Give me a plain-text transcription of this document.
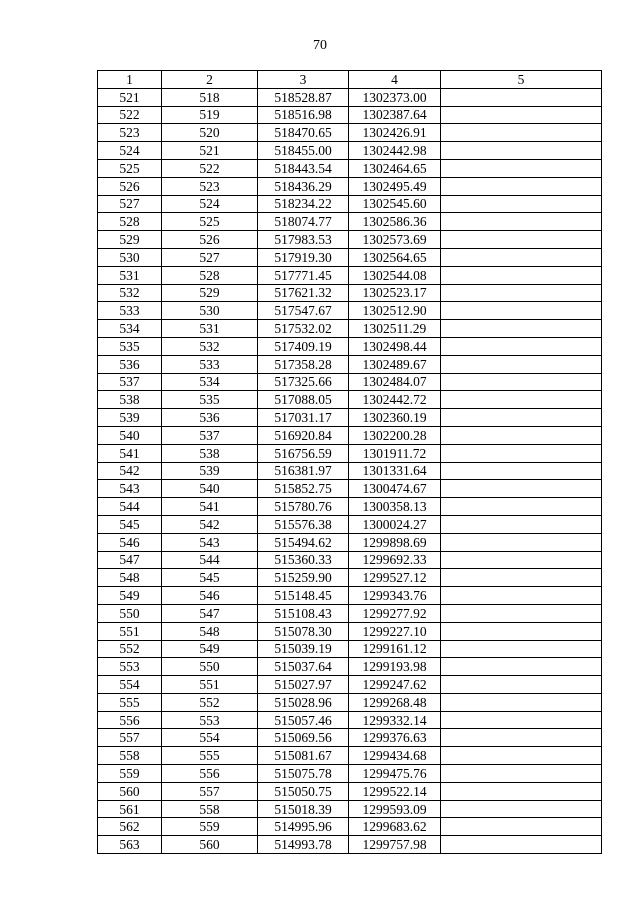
70
1	2	3	4	5
521	518	518528.87	1302373.00	
522	519	518516.98	1302387.64	
523	520	518470.65	1302426.91	
524	521	518455.00	1302442.98	
525	522	518443.54	1302464.65	
526	523	518436.29	1302495.49	
527	524	518234.22	1302545.60	
528	525	518074.77	1302586.36	
529	526	517983.53	1302573.69	
530	527	517919.30	1302564.65	
531	528	517771.45	1302544.08	
532	529	517621.32	1302523.17	
533	530	517547.67	1302512.90	
534	531	517532.02	1302511.29	
535	532	517409.19	1302498.44	
536	533	517358.28	1302489.67	
537	534	517325.66	1302484.07	
538	535	517088.05	1302442.72	
539	536	517031.17	1302360.19	
540	537	516920.84	1302200.28	
541	538	516756.59	1301911.72	
542	539	516381.97	1301331.64	
543	540	515852.75	1300474.67	
544	541	515780.76	1300358.13	
545	542	515576.38	1300024.27	
546	543	515494.62	1299898.69	
547	544	515360.33	1299692.33	
548	545	515259.90	1299527.12	
549	546	515148.45	1299343.76	
550	547	515108.43	1299277.92	
551	548	515078.30	1299227.10	
552	549	515039.19	1299161.12	
553	550	515037.64	1299193.98	
554	551	515027.97	1299247.62	
555	552	515028.96	1299268.48	
556	553	515057.46	1299332.14	
557	554	515069.56	1299376.63	
558	555	515081.67	1299434.68	
559	556	515075.78	1299475.76	
560	557	515050.75	1299522.14	
561	558	515018.39	1299593.09	
562	559	514995.96	1299683.62	
563	560	514993.78	1299757.98	
